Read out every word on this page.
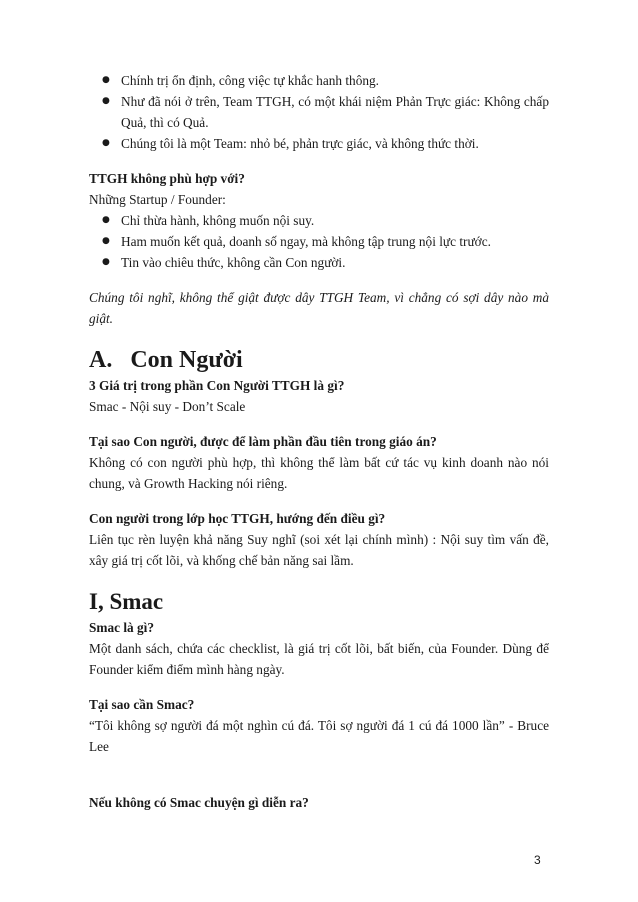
● Chính trị ổn định, công việc tự khắc hanh thông.
● Như đã nói ở trên, Team TTGH, có một khái niệm Phản Trực giác: Không chấp Quả, thì có Quả.
● Chúng tôi là một Team: nhỏ bé, phản trực giác, và không thức thời.

TTGH không phù hợp với?

Những Startup / Founder:

● Chỉ thừa hành, không muốn nội suy.
● Ham muốn kết quả, doanh số ngay, mà không tập trung nội lực trước.
● Tin vào chiêu thức, không cần Con người.

Chúng tôi nghĩ, không thể giật được dây TTGH Team, vì chẳng có sợi dây nào mà giật.

A.   Con Người

3 Giá trị trong phần Con Người TTGH là gì?

Smac - Nội suy - Don’t Scale

Tại sao Con người, được để làm phần đầu tiên trong giáo án?

Không có con người phù hợp, thì không thể làm bất cứ tác vụ kinh doanh nào nói chung, và Growth Hacking nói riêng.

Con người trong lớp học TTGH, hướng đến điều gì?

Liên tục rèn luyện khả năng Suy nghĩ (soi xét lại chính mình) : Nội suy tìm vấn đề, xây giá trị cốt lõi, và khống chế bản năng sai lầm.

I, Smac

Smac là gì?

Một danh sách, chứa các checklist, là giá trị cốt lõi, bất biến, của Founder. Dùng để Founder kiểm điểm mình hàng ngày.

Tại sao cần Smac?

“Tôi không sợ người đá một nghìn cú đá. Tôi sợ người đá 1 cú đá 1000 lần” - Bruce Lee

Nếu không có Smac chuyện gì diễn ra?

3
